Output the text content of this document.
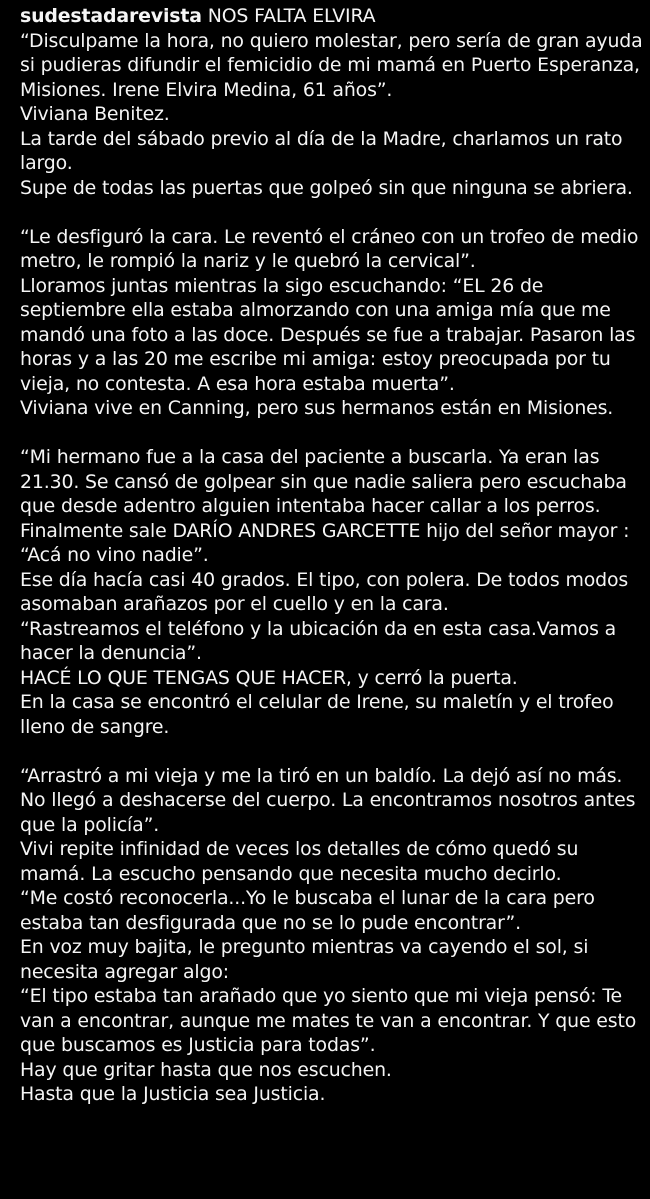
sudestadarevista NOS FALTA ELVIRA
“Disculpame la hora, no quiero molestar, pero sería de gran ayuda
si pudieras difundir el femicidio de mi mamá en Puerto Esperanza,
Misiones. Irene Elvira Medina, 61 años”.
Viviana Benitez.
La tarde del sábado previo al día de la Madre, charlamos un rato
largo.
Supe de todas las puertas que golpeó sin que ninguna se abriera.
“Le desfiguró la cara. Le reventó el cráneo con un trofeo de medio
metro, le rompió la nariz y le quebró la cervical”.
Lloramos juntas mientras la sigo escuchando: “EL 26 de
septiembre ella estaba almorzando con una amiga mía que me
mandó una foto a las doce. Después se fue a trabajar. Pasaron las
horas y a las 20 me escribe mi amiga: estoy preocupada por tu
vieja, no contesta. A esa hora estaba muerta”.
Viviana vive en Canning, pero sus hermanos están en Misiones.
“Mi hermano fue a la casa del paciente a buscarla. Ya eran las
21.30. Se cansó de golpear sin que nadie saliera pero escuchaba
que desde adentro alguien intentaba hacer callar a los perros.
Finalmente sale DARÍO ANDRES GARCETTE hijo del señor mayor :
“Acá no vino nadie”.
Ese día hacía casi 40 grados. El tipo, con polera. De todos modos
asomaban arañazos por el cuello y en la cara.
“Rastreamos el teléfono y la ubicación da en esta casa.Vamos a
hacer la denuncia”.
HACÉ LO QUE TENGAS QUE HACER, y cerró la puerta.
En la casa se encontró el celular de Irene, su maletín y el trofeo
lleno de sangre.
“Arrastró a mi vieja y me la tiró en un baldío. La dejó así no más.
No llegó a deshacerse del cuerpo. La encontramos nosotros antes
que la policía”.
Vivi repite infinidad de veces los detalles de cómo quedó su
mamá. La escucho pensando que necesita mucho decirlo.
“Me costó reconocerla...Yo le buscaba el lunar de la cara pero
estaba tan desfigurada que no se lo pude encontrar”.
En voz muy bajita, le pregunto mientras va cayendo el sol, si
necesita agregar algo:
“El tipo estaba tan arañado que yo siento que mi vieja pensó: Te
van a encontrar, aunque me mates te van a encontrar. Y que esto
que buscamos es Justicia para todas”.
Hay que gritar hasta que nos escuchen.
Hasta que la Justicia sea Justicia.
